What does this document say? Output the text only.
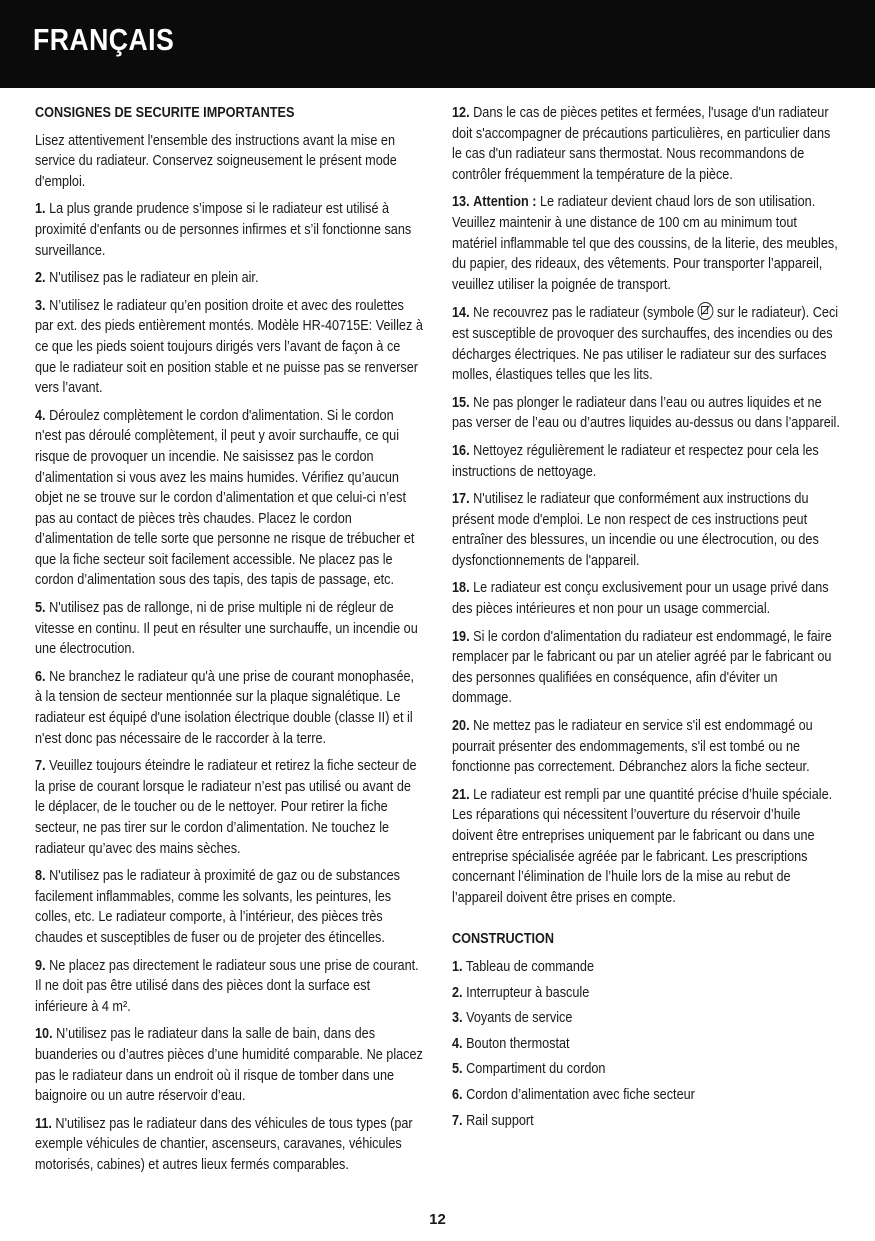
FRANÇAIS
CONSIGNES DE SECURITE IMPORTANTES
Lisez attentivement l'ensemble des instructions avant la mise en service du radiateur. Conservez soigneusement le présent mode d'emploi.
1. La plus grande prudence s’impose si le radiateur est utilisé à proximité d'enfants ou de personnes infirmes et s’il fonctionne sans surveillance.
2. N'utilisez pas le radiateur en plein air.
3. N’utilisez le radiateur qu’en position droite et avec des roulettes par ext. des pieds entièrement montés. Modèle HR-40715E: Veillez à ce que les pieds soient toujours dirigés vers l’avant de façon à ce que le radiateur soit en position stable et ne puisse pas se renverser vers l’avant.
4. Déroulez complètement le cordon d'alimentation. Si le cordon n'est pas déroulé complètement, il peut y avoir surchauffe, ce qui risque de provoquer un incendie. Ne saisissez pas le cordon d’alimentation si vous avez les mains humides. Vérifiez qu’aucun objet ne se trouve sur le cordon d’alimentation et que celui-ci n’est pas au contact de pièces très chaudes. Placez le cordon d’alimentation de telle sorte que personne ne risque de trébucher et que la fiche secteur soit facilement accessible. Ne placez pas le cordon d’alimentation sous des tapis, des tapis de passage, etc.
5. N'utilisez pas de rallonge, ni de prise multiple ni de régleur de vitesse en continu. Il peut en résulter une surchauffe, un incendie ou une électrocution.
6. Ne branchez le radiateur qu'à une prise de courant monophasée, à la tension de secteur mentionnée sur la plaque signalétique. Le radiateur est équipé d'une isolation électrique double (classe II) et il n'est donc pas nécessaire de le raccorder à la terre.
7. Veuillez toujours éteindre le radiateur et retirez la fiche secteur de la prise de courant lorsque le radiateur n’est pas utilisé ou avant de le déplacer, de le toucher ou de le nettoyer. Pour retirer la fiche secteur, ne pas tirer sur le cordon d’alimentation. Ne touchez le radiateur qu’avec des mains sèches.
8. N'utilisez pas le radiateur à proximité de gaz ou de substances facilement inflammables, comme les solvants, les peintures, les colles, etc. Le radiateur comporte, à l’intérieur, des pièces très chaudes et susceptibles de fuser ou de projeter des étincelles.
9. Ne placez pas directement le radiateur sous une prise de courant. Il ne doit pas être utilisé dans des pièces dont la surface est inférieure à 4 m².
10. N’utilisez pas le radiateur dans la salle de bain, dans des buanderies ou d’autres pièces d’une humidité comparable. Ne placez pas le radiateur dans un endroit où il risque de tomber dans une baignoire ou un autre réservoir d’eau.
11. N'utilisez pas le radiateur dans des véhicules de tous types (par exemple véhicules de chantier, ascenseurs, caravanes, véhicules motorisés, cabines) et autres lieux fermés comparables.
12. Dans le cas de pièces petites et fermées, l'usage d'un radiateur doit s'accompagner de précautions particulières, en particulier dans le cas d'un radiateur sans thermostat. Nous recommandons de contrôler fréquemment la température de la pièce.
13. Attention : Le radiateur devient chaud lors de son utilisation. Veuillez maintenir à une distance de 100 cm au minimum tout matériel inflammable tel que des coussins, de la literie, des meubles, du papier, des rideaux, des vêtements. Pour transporter l’appareil, veuillez utiliser la poignée de transport.
14. Ne recouvrez pas le radiateur (symbole sur le radiateur). Ceci est susceptible de provoquer des surchauffes, des incendies ou des décharges électriques. Ne pas utiliser le radiateur sur des surfaces molles, élastiques telles que les lits.
15. Ne pas plonger le radiateur dans l’eau ou autres liquides et ne pas verser de l’eau ou d’autres liquides au-dessus ou dans l’appareil.
16. Nettoyez régulièrement le radiateur et respectez pour cela les instructions de nettoyage.
17. N'utilisez le radiateur que conformément aux instructions du présent mode d'emploi. Le non respect de ces instructions peut entraîner des blessures, un incendie ou une électrocution, ou des dysfonctionnements de l'appareil.
18. Le radiateur est conçu exclusivement pour un usage privé dans des pièces intérieures et non pour un usage commercial.
19. Si le cordon d'alimentation du radiateur est endommagé, le faire remplacer par le fabricant ou par un atelier agréé par le fabricant ou des personnes qualifiées en conséquence, afin d'éviter un dommage.
20. Ne mettez pas le radiateur en service s'il est endommagé ou pourrait présenter des endommagements, s'il est tombé ou ne fonctionne pas correctement. Débranchez alors la fiche secteur.
21. Le radiateur est rempli par une quantité précise d’huile spéciale. Les réparations qui nécessitent l’ouverture du réservoir d’huile doivent être entreprises uniquement par le fabricant ou dans une entreprise spécialisée agréée par le fabricant. Les prescriptions concernant l’élimination de l’huile lors de la mise au rebut de l’appareil doivent être prises en compte.
CONSTRUCTION
1. Tableau de commande
2. Interrupteur à bascule
3. Voyants de service
4. Bouton thermostat
5. Compartiment du cordon
6. Cordon d’alimentation avec fiche secteur
7. Rail support
12
